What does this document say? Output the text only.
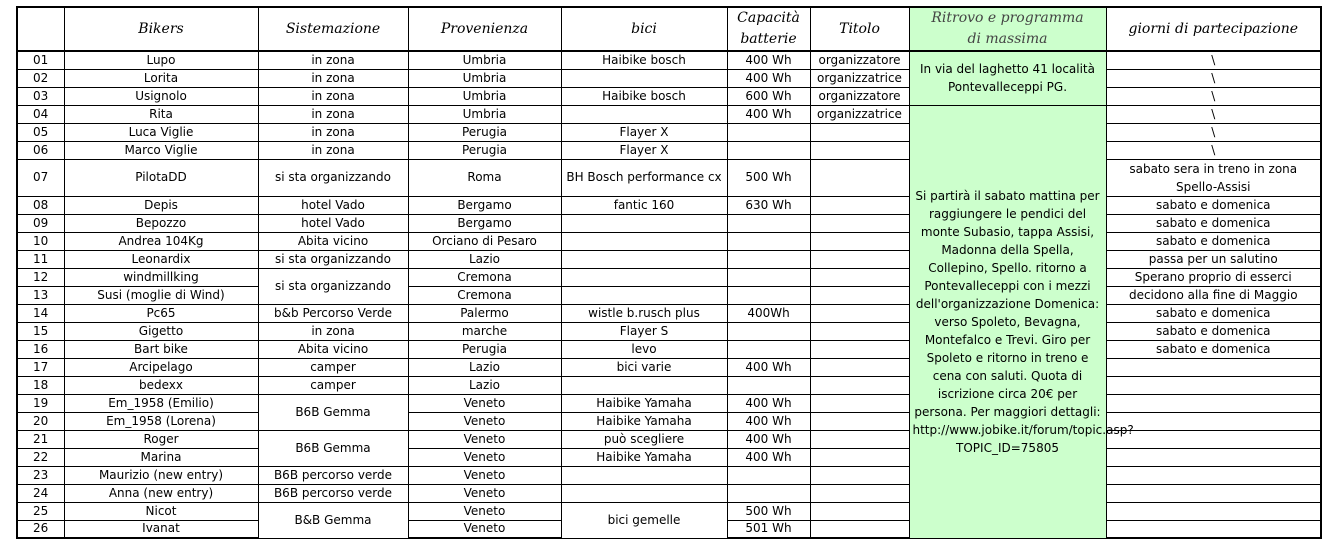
	Bikers	Sistemazione	Provenienza	bici	Capacità
batterie	Titolo	Ritrovo e programma
di massima	giorni di partecipazione
01	Lupo	in zona	Umbria	Haibike bosch	400 Wh	organizzatore	In via del laghetto 41 località Pontevalleceppi PG.	\
02	Lorita	in zona	Umbria		400 Wh	organizzatrice		\
03	Usignolo	in zona	Umbria	Haibike bosch	600 Wh	organizzatore		\
04	Rita	in zona	Umbria		400 Wh	organizzatrice	Si partirà il sabato mattina per raggiungere le pendici del monte Subasio, tappa Assisi, Madonna della Spella, Collepino, Spello. ritorno a Pontevalleceppi con i mezzi dell'organizzazione Domenica: verso Spoleto, Bevagna, Montefalco e Trevi. Giro per Spoleto e ritorno in treno e cena con saluti. Quota di iscrizione circa 20€ per persona. Per maggiori dettagli: http://www.jobike.it/forum/topic.asp?TOPIC_ID=75805	\
05	Luca Viglie	in zona	Perugia	Flayer X				\
06	Marco Viglie	in zona	Perugia	Flayer X				\
07	PilotaDD	si sta organizzando	Roma	BH Bosch performance cx	500 Wh			sabato sera in treno in zona Spello-Assisi
08	Depis	hotel Vado	Bergamo	fantic 160	630 Wh			sabato e domenica
09	Bepozzo	hotel Vado	Bergamo					sabato e domenica
10	Andrea 104Kg	Abita vicino	Orciano di Pesaro					sabato e domenica
11	Leonardix	si sta organizzando	Lazio					passa per un salutino
12	windmillking	si sta organizzando	Cremona					Sperano proprio di esserci
13	Susi (moglie di Wind)		Cremona					decidono alla fine di Maggio
14	Pc65	b&b Percorso Verde	Palermo	wistle b.rusch plus	400Wh			sabato e domenica
15	Gigetto	in zona	marche	Flayer S				sabato e domenica
16	Bart bike	Abita vicino	Perugia	levo				sabato e domenica
17	Arcipelago	camper	Lazio	bici varie	400 Wh			
18	bedexx	camper	Lazio					
19	Em_1958 (Emilio)	B6B Gemma	Veneto	Haibike Yamaha	400 Wh			
20	Em_1958 (Lorena)		Veneto	Haibike Yamaha	400 Wh			
21	Roger	B6B Gemma	Veneto	può scegliere	400 Wh			
22	Marina		Veneto	Haibike Yamaha	400 Wh			
23	Maurizio (new entry)	B6B percorso verde	Veneto					
24	Anna (new entry)	B6B percorso verde	Veneto					
25	Nicot	B&B Gemma	Veneto	bici gemelle	500 Wh			
26	Ivanat		Veneto		501 Wh			
